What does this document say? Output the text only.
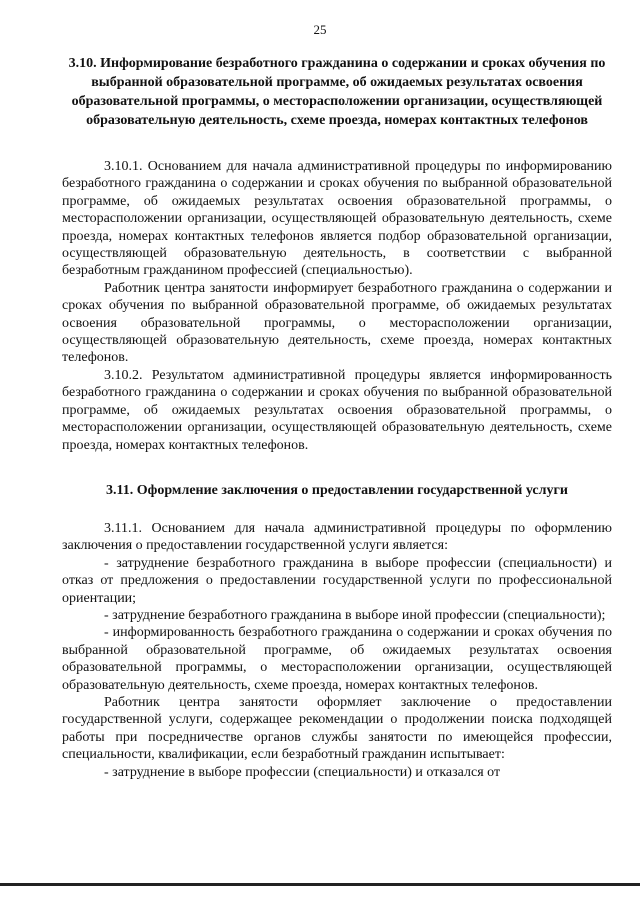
25
3.10. Информирование безработного гражданина о содержании и сроках обучения по выбранной образовательной программе, об ожидаемых результатах освоения образовательной программы, о месторасположении организации, осуществляющей образовательную деятельность, схеме проезда, номерах контактных телефонов

3.10.1. Основанием для начала административной процедуры по информированию безработного гражданина о содержании и сроках обучения по выбранной образовательной программе, об ожидаемых результатах освоения образовательной программы, о месторасположении организации, осуществляющей образовательную деятельность, схеме проезда, номерах контактных телефонов является подбор образовательной организации, осуществляющей образовательную деятельность, в соответствии с выбранной безработным гражданином профессией (специальностью).

Работник центра занятости информирует безработного гражданина о содержании и сроках обучения по выбранной образовательной программе, об ожидаемых результатах освоения образовательной программы, о месторасположении организации, осуществляющей образовательную деятельность, схеме проезда, номерах контактных телефонов.

3.10.2. Результатом административной процедуры является информированность безработного гражданина о содержании и сроках обучения по выбранной образовательной программе, об ожидаемых результатах освоения образовательной программы, о месторасположении организации, осуществляющей образовательную деятельность, схеме проезда, номерах контактных телефонов.

3.11. Оформление заключения о предоставлении государственной услуги

3.11.1. Основанием для начала административной процедуры по оформлению заключения о предоставлении государственной услуги является:

- затруднение безработного гражданина в выборе профессии (специальности) и отказ от предложения о предоставлении государственной услуги по профессиональной ориентации;

- затруднение безработного гражданина в выборе иной профессии (специальности);

- информированность безработного гражданина о содержании и сроках обучения по выбранной образовательной программе, об ожидаемых результатах освоения образовательной программы, о месторасположении организации, осуществляющей образовательную деятельность, схеме проезда, номерах контактных телефонов.

Работник центра занятости оформляет заключение о предоставлении государственной услуги, содержащее рекомендации о продолжении поиска подходящей работы при посредничестве органов службы занятости по имеющейся профессии, специальности, квалификации, если безработный гражданин испытывает:

- затруднение в выборе профессии (специальности) и отказался от
